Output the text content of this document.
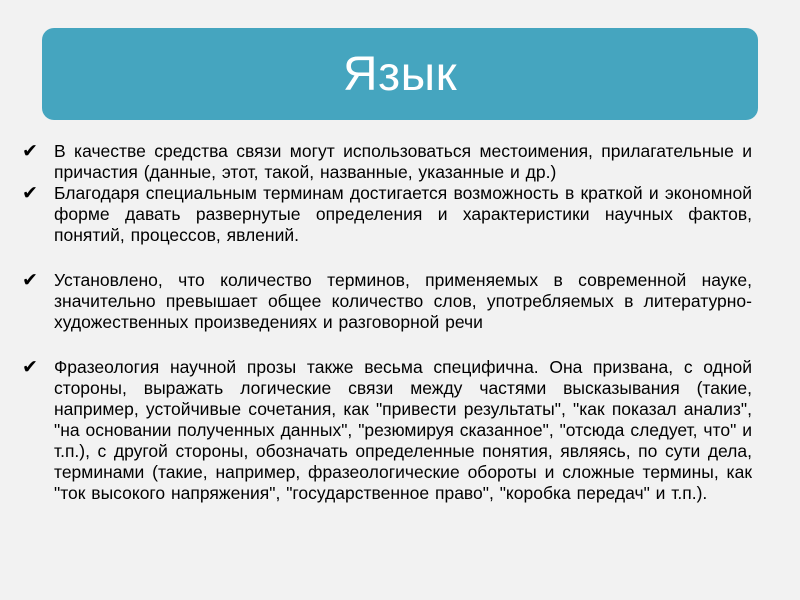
Язык
✔ В качестве средства связи могут использоваться местоимения, прилагательные и причастия (данные, этот, такой, названные, указанные и др.)
✔ Благодаря специальным терминам достигается возможность в краткой и экономной форме давать развернутые определения и характеристики научных фактов, понятий, процессов, явлений.
✔ Установлено, что количество терминов, применяемых в современной науке, значительно превышает общее количество слов, употребляемых в литературно-художественных произведениях и разговорной речи
✔ Фразеология научной прозы также весьма специфична. Она призвана, с одной стороны, выражать логические связи между частями высказывания (такие, например, устойчивые сочетания, как "привести результаты", "как показал анализ", "на основании полученных данных", "резюмируя сказанное", "отсюда следует, что" и т.п.), с другой стороны, обозначать определенные понятия, являясь, по сути дела, терминами (такие, например, фразеологические обороты и сложные термины, как "ток высокого напряжения", "государственное право", "коробка передач" и т.п.).
